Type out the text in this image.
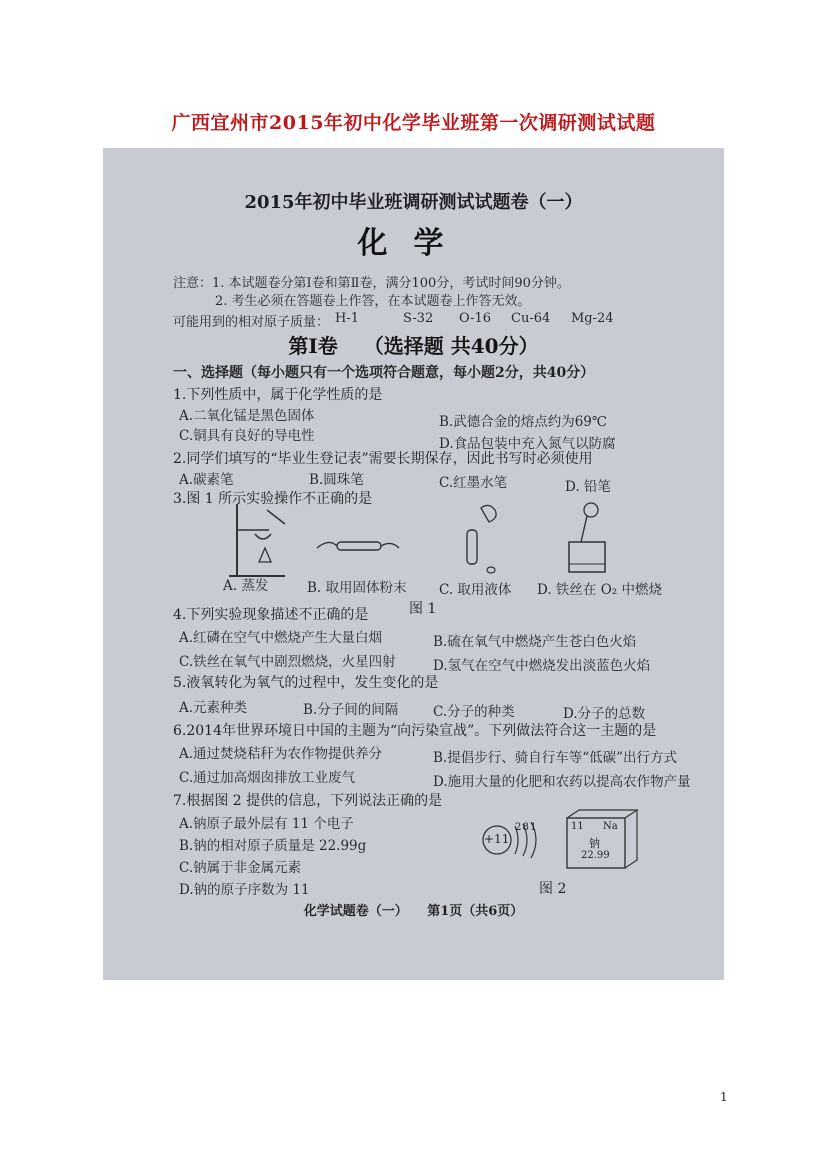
广西宜州市2015年初中化学毕业班第一次调研测试试题
2015年初中毕业班调研测试试题卷（一）
化学
注意：1. 本试题卷分第Ⅰ卷和第Ⅱ卷，满分100分，考试时间90分钟。
2. 考生必须在答题卷上作答，在本试题卷上作答无效。
可能用到的相对原子质量： H-1	S-32 O-16 Cu-64 Mg-24
第Ⅰ卷 （选择题 共40分）
一、选择题（每小题只有一个选项符合题意，每小题2分，共40分）
1.下列性质中，属于化学性质的是
A.二氧化锰是黑色固体	B.武德合金的熔点约为69℃
C.铜具有良好的导电性	D.食品包装中充入氮气以防腐
2.同学们填写的“毕业生登记表”需要长期保存，因此书写时必须使用
A.碳素笔	B.圆珠笔	C.红墨水笔	D. 铅笔
3.图 1 所示实验操作不正确的是
A. 蒸发	B. 取用固体粉末 C. 取用液体 D. 铁丝在 O₂ 中燃烧
图 1
4.下列实验现象描述不正确的是
A.红磷在空气中燃烧产生大量白烟	B.硫在氧气中燃烧产生苍白色火焰
C.铁丝在氧气中剧烈燃烧，火星四射	D.氢气在空气中燃烧发出淡蓝色火焰
5.液氧转化为氧气的过程中，发生变化的是
A.元素种类	B.分子间的间隔	C.分子的种类	D.分子的总数
6.2014年世界环境日中国的主题为“向污染宣战”。下列做法符合这一主题的是
A.通过焚烧秸秆为农作物提供养分	B.提倡步行、骑自行车等“低碳”出行方式
C.通过加高烟囱排放工业废气	D.施用大量的化肥和农药以提高农作物产量
7.根据图 2 提供的信息，下列说法正确的是
A.钠原子最外层有 11 个电子
B.钠的相对原子质量是 22.99g
C.钠属于非金属元素
D.钠的原子序数为 11
+11
2 8 1	11 Na
钠
22.99
图 2
化学试题卷（一）　　第1页（共6页）
1
